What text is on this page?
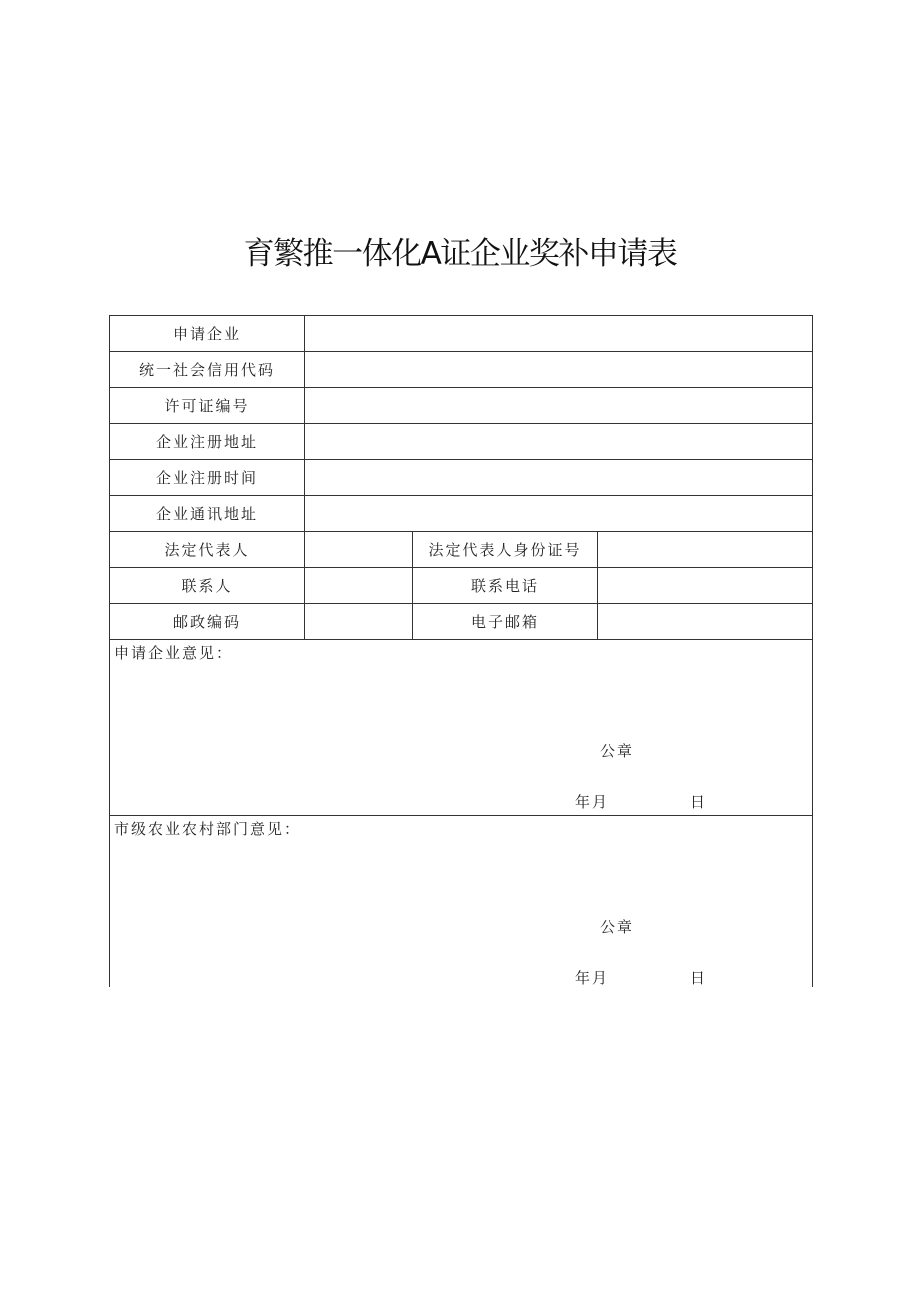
育繁推一体化A证企业奖补申请表
申请企业
统一社会信用代码
许可证编号
企业注册地址
企业注册时间
企业通讯地址
法定代表人	法定代表人身份证号
联系人	联系电话
邮政编码	电子邮箱
申请企业意见：
公章
年月	日
市级农业农村部门意见：
公章
年月	日
